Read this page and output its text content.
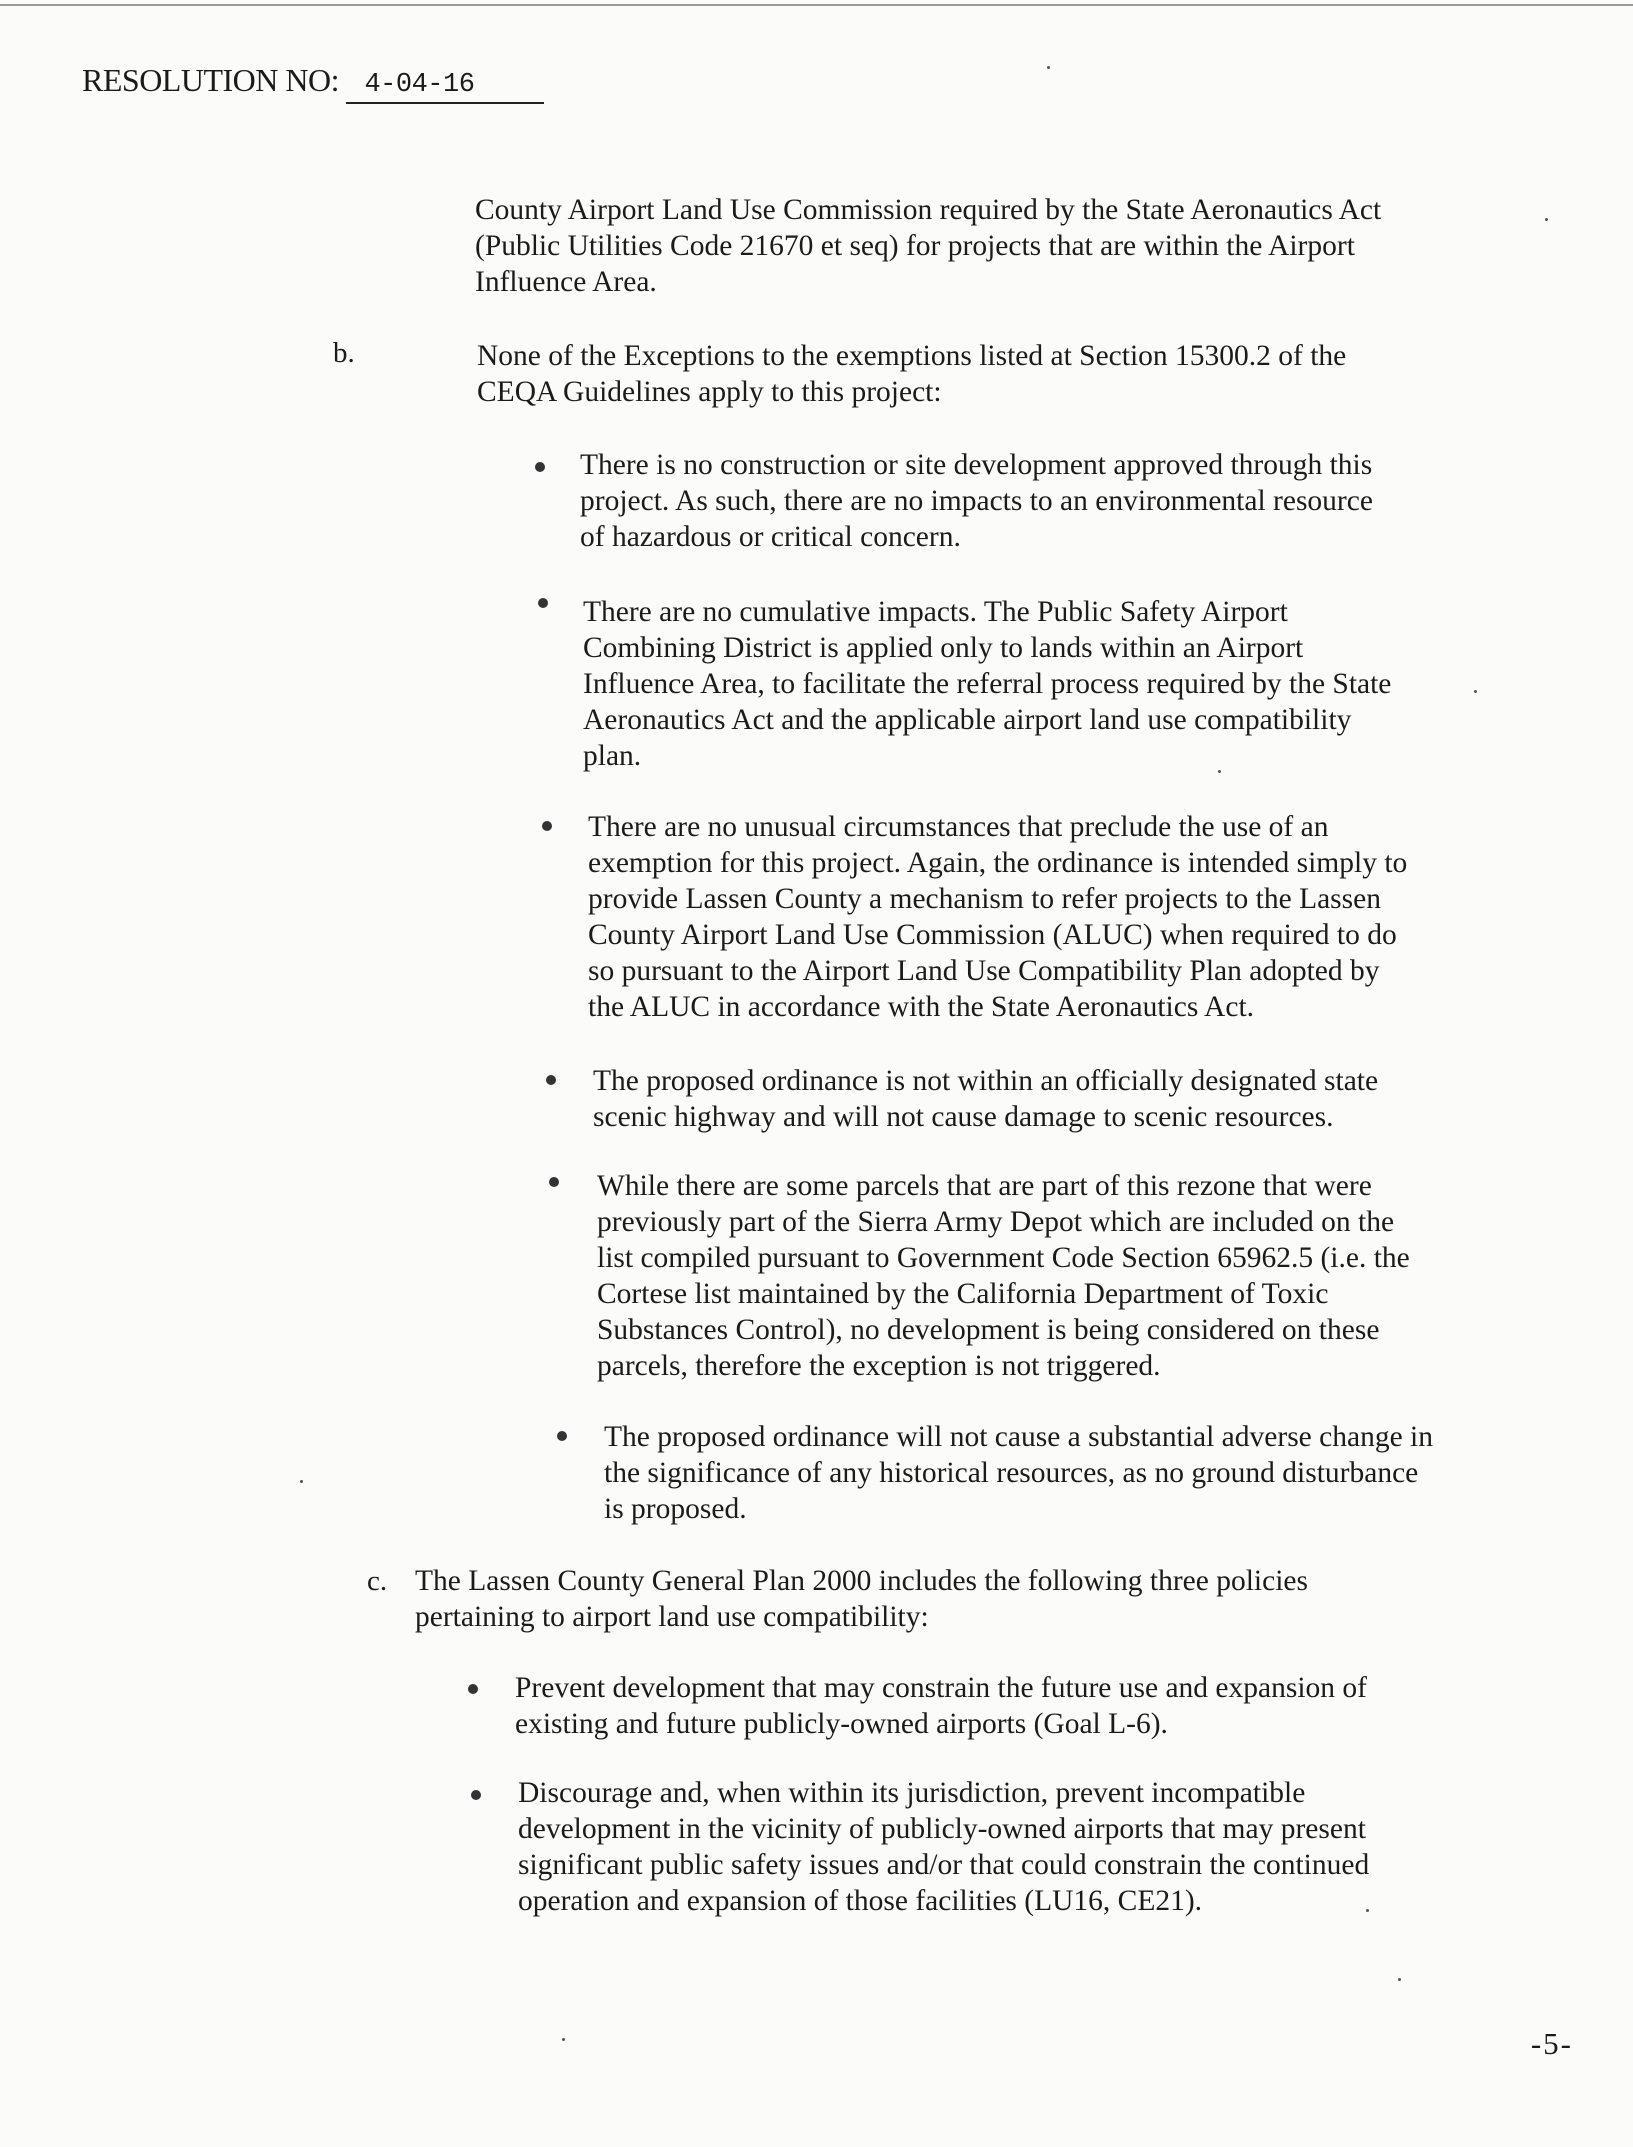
RESOLUTION NO: 4-04-16

County Airport Land Use Commission required by the State Aeronautics Act
(Public Utilities Code 21670 et seq) for projects that are within the Airport
Influence Area.

b.	None of the Exceptions to the exemptions listed at Section 15300.2 of the
CEQA Guidelines apply to this project:

There is no construction or site development approved through this
project. As such, there are no impacts to an environmental resource
of hazardous or critical concern.

There are no cumulative impacts. The Public Safety Airport
Combining District is applied only to lands within an Airport
Influence Area, to facilitate the referral process required by the State
Aeronautics Act and the applicable airport land use compatibility
plan.

There are no unusual circumstances that preclude the use of an
exemption for this project. Again, the ordinance is intended simply to
provide Lassen County a mechanism to refer projects to the Lassen
County Airport Land Use Commission (ALUC) when required to do
so pursuant to the Airport Land Use Compatibility Plan adopted by
the ALUC in accordance with the State Aeronautics Act.

The proposed ordinance is not within an officially designated state
scenic highway and will not cause damage to scenic resources.

While there are some parcels that are part of this rezone that were
previously part of the Sierra Army Depot which are included on the
list compiled pursuant to Government Code Section 65962.5 (i.e. the
Cortese list maintained by the California Department of Toxic
Substances Control), no development is being considered on these
parcels, therefore the exception is not triggered.

The proposed ordinance will not cause a substantial adverse change in
the significance of any historical resources, as no ground disturbance
is proposed.

c. The Lassen County General Plan 2000 includes the following three policies
pertaining to airport land use compatibility:

Prevent development that may constrain the future use and expansion of
existing and future publicly-owned airports (Goal L-6).

Discourage and, when within its jurisdiction, prevent incompatible
development in the vicinity of publicly-owned airports that may present
significant public safety issues and/or that could constrain the continued
operation and expansion of those facilities (LU16, CE21).

-5-
